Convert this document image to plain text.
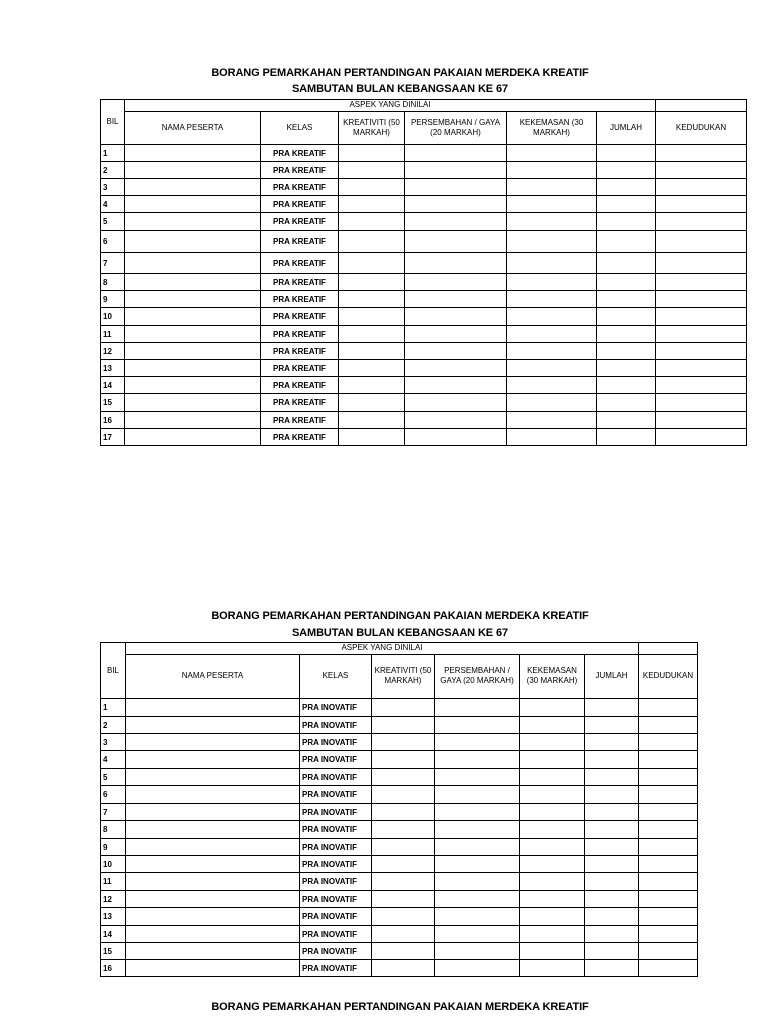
BORANG PEMARKAHAN PERTANDINGAN PAKAIAN MERDEKA KREATIF
SAMBUTAN BULAN KEBANGSAAN KE 67
BIL	ASPEK YANG DINILAI						
	NAMA PESERTA	KELAS	KREATIVITI (50 MARKAH)	PERSEMBAHAN / GAYA (20 MARKAH)	KEKEMASAN (30 MARKAH)	JUMLAH	KEDUDUKAN
1		PRA KREATIF					
2		PRA KREATIF					
3		PRA KREATIF					
4		PRA KREATIF					
5		PRA KREATIF					
6		PRA KREATIF					
7		PRA KREATIF					
8		PRA KREATIF					
9		PRA KREATIF					
10		PRA KREATIF					
11		PRA KREATIF					
12		PRA KREATIF					
13		PRA KREATIF					
14		PRA KREATIF					
15		PRA KREATIF					
16		PRA KREATIF					
17		PRA KREATIF					
BORANG PEMARKAHAN PERTANDINGAN PAKAIAN MERDEKA KREATIF
SAMBUTAN BULAN KEBANGSAAN KE 67
BIL	ASPEK YANG DINILAI						
	NAMA PESERTA	KELAS	KREATIVITI (50 MARKAH)	PERSEMBAHAN / GAYA (20 MARKAH)	KEKEMASAN (30 MARKAH)	JUMLAH	KEDUDUKAN
1		PRA INOVATIF					
2		PRA INOVATIF					
3		PRA INOVATIF					
4		PRA INOVATIF					
5		PRA INOVATIF					
6		PRA INOVATIF					
7		PRA INOVATIF					
8		PRA INOVATIF					
9		PRA INOVATIF					
10		PRA INOVATIF					
11		PRA INOVATIF					
12		PRA INOVATIF					
13		PRA INOVATIF					
14		PRA INOVATIF					
15		PRA INOVATIF					
16		PRA INOVATIF					
BORANG PEMARKAHAN PERTANDINGAN PAKAIAN MERDEKA KREATIF
